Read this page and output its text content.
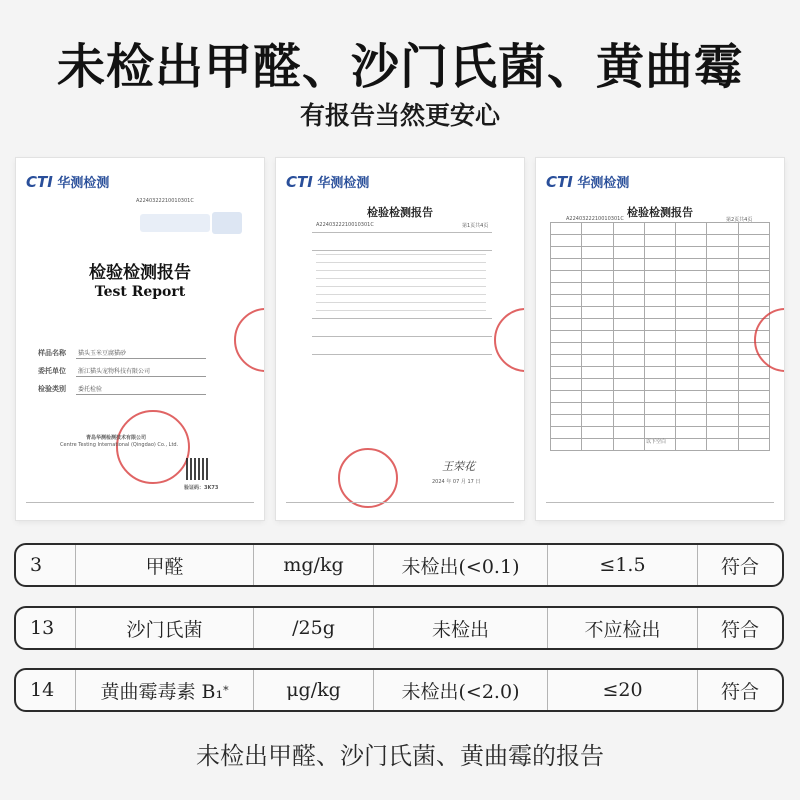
未检出甲醛、沙门氏菌、黄曲霉
有报告当然更安心
CTI 华测检测
A2240322210010301C
检验检测报告
Test Report
样品名称 猫头玉米豆腐猫砂
委托单位 浙江猫头宠物科技有限公司
检验类别 委托检验
青岛华测检测技术有限公司
Centre Testing International (Qingdao) Co., Ltd.
验证码：3K73
CTI 华测检测
检验检测报告
A2240322210010301C	第1页共4页
王荣花
2024 年 07 月 17 日
CTI 华测检测
检验检测报告
A2240322210010301C	第2页共4页

以下空白
3	甲醛	mg/kg	未检出(<0.1)	≤1.5	符合
13	沙门氏菌	/25g	未检出	不应检出	符合
14	黄曲霉毒素 B₁ *	μg/kg	未检出(<2.0)	≤20	符合
未检出甲醛、沙门氏菌、黄曲霉的报告
